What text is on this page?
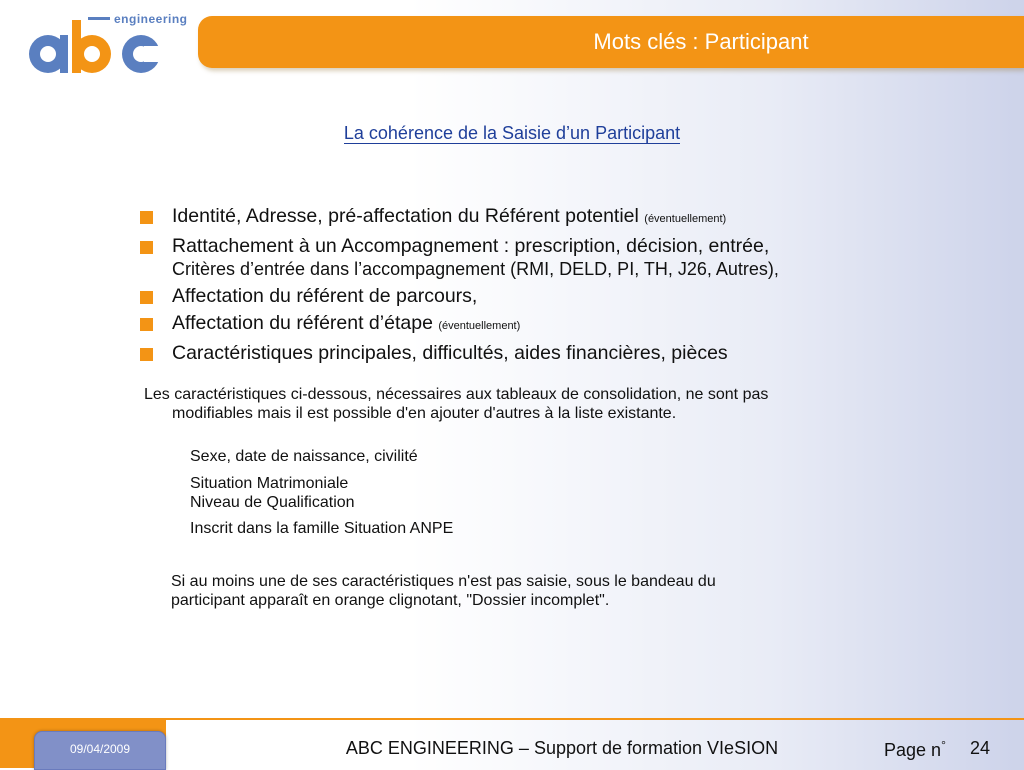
engineering
Mots clés : Participant
La cohérence de la Saisie d’un Participant
Identité, Adresse, pré-affectation du Référent potentiel (éventuellement)
Rattachement à un Accompagnement : prescription, décision, entrée,
Critères d’entrée dans l’accompagnement (RMI, DELD, PI, TH, J26, Autres),
Affectation du référent de parcours,
Affectation du référent d’étape (éventuellement)
Caractéristiques principales, difficultés, aides financières, pièces
Les caractéristiques ci-dessous, nécessaires aux tableaux de consolidation, ne sont pas
modifiables mais il est possible d'en ajouter d'autres à la liste existante.
Sexe, date de naissance, civilité
Situation Matrimoniale
Niveau de Qualification
Inscrit dans la famille Situation ANPE
Si au moins une de ses caractéristiques n'est pas saisie, sous le bandeau du
participant apparaît en orange clignotant, "Dossier incomplet".
09/04/2009	ABC ENGINEERING – Support de formation VIeSION	Page n° 24
